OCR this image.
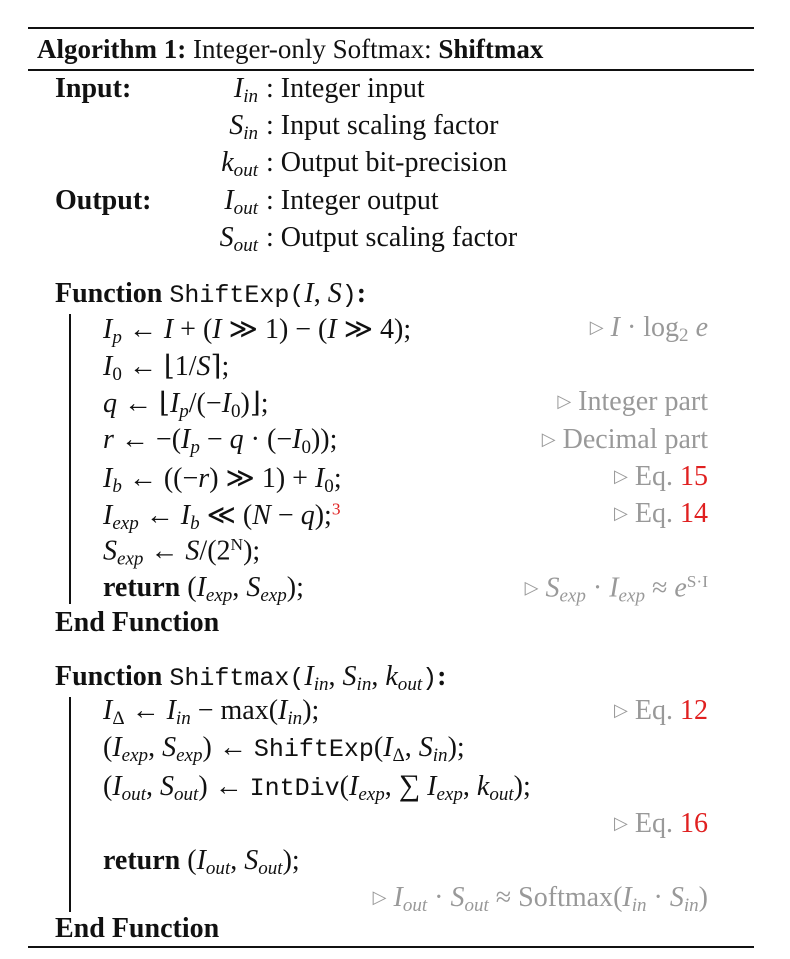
Algorithm 1: Integer-only Softmax: Shiftmax
Input:	$I_{in}$ : Integer input
$S_{in}$ : Input scaling factor
$k_{out}$ : Output bit-precision
Output:	$I_{out}$ : Integer output
$S_{out}$ : Output scaling factor
Function ShiftExp(I, S):
$I_p$ ← I + (I ≫ 1) − (I ≫ 4);	▷ $I \cdot \log_2 e$
$I_0$ ← ⌊1/S⌉;
q ← $⌊I_p/(-I_0)⌋$;	▷ Integer part
r ← $-(I_p - q \cdot (-I_0))$;	▷ Decimal part
$I_b$ ← ((−r) ≫ $1) + I_0$;	▷ Eq. 15
$I_{exp}$ ← $I_b$ ≪ (N − q);$^3$	▷ Eq. 14
$S_{exp}$ ← $S/(2^N)$;
return ($I_{exp}$, $S_{exp}$);	▷ $S_{exp} \cdot I_{exp} \approx e^{S\cdot I}$
End Function
Function $Shiftmax(I_{in}$, $S_{in}$, $k_{out}$):
$I_\Delta$ ← $I_{in} - \max(I_{in})$;	▷ Eq. 12
($I_{exp}$, $S_{exp}$) ← $ShiftExp(I_\Delta$, $S_{in}$);
($I_{out}$, $S_{out}$) ← $IntDiv(I_{exp}$, ∑ $I_{exp}$, $k_{out}$);
▷ Eq. 16
return ($I_{out}$, $S_{out}$);
▷ $I_{out} \cdot S_{out}$ ≈ $Softmax(I_{in} \cdot S_{in})$
End Function
